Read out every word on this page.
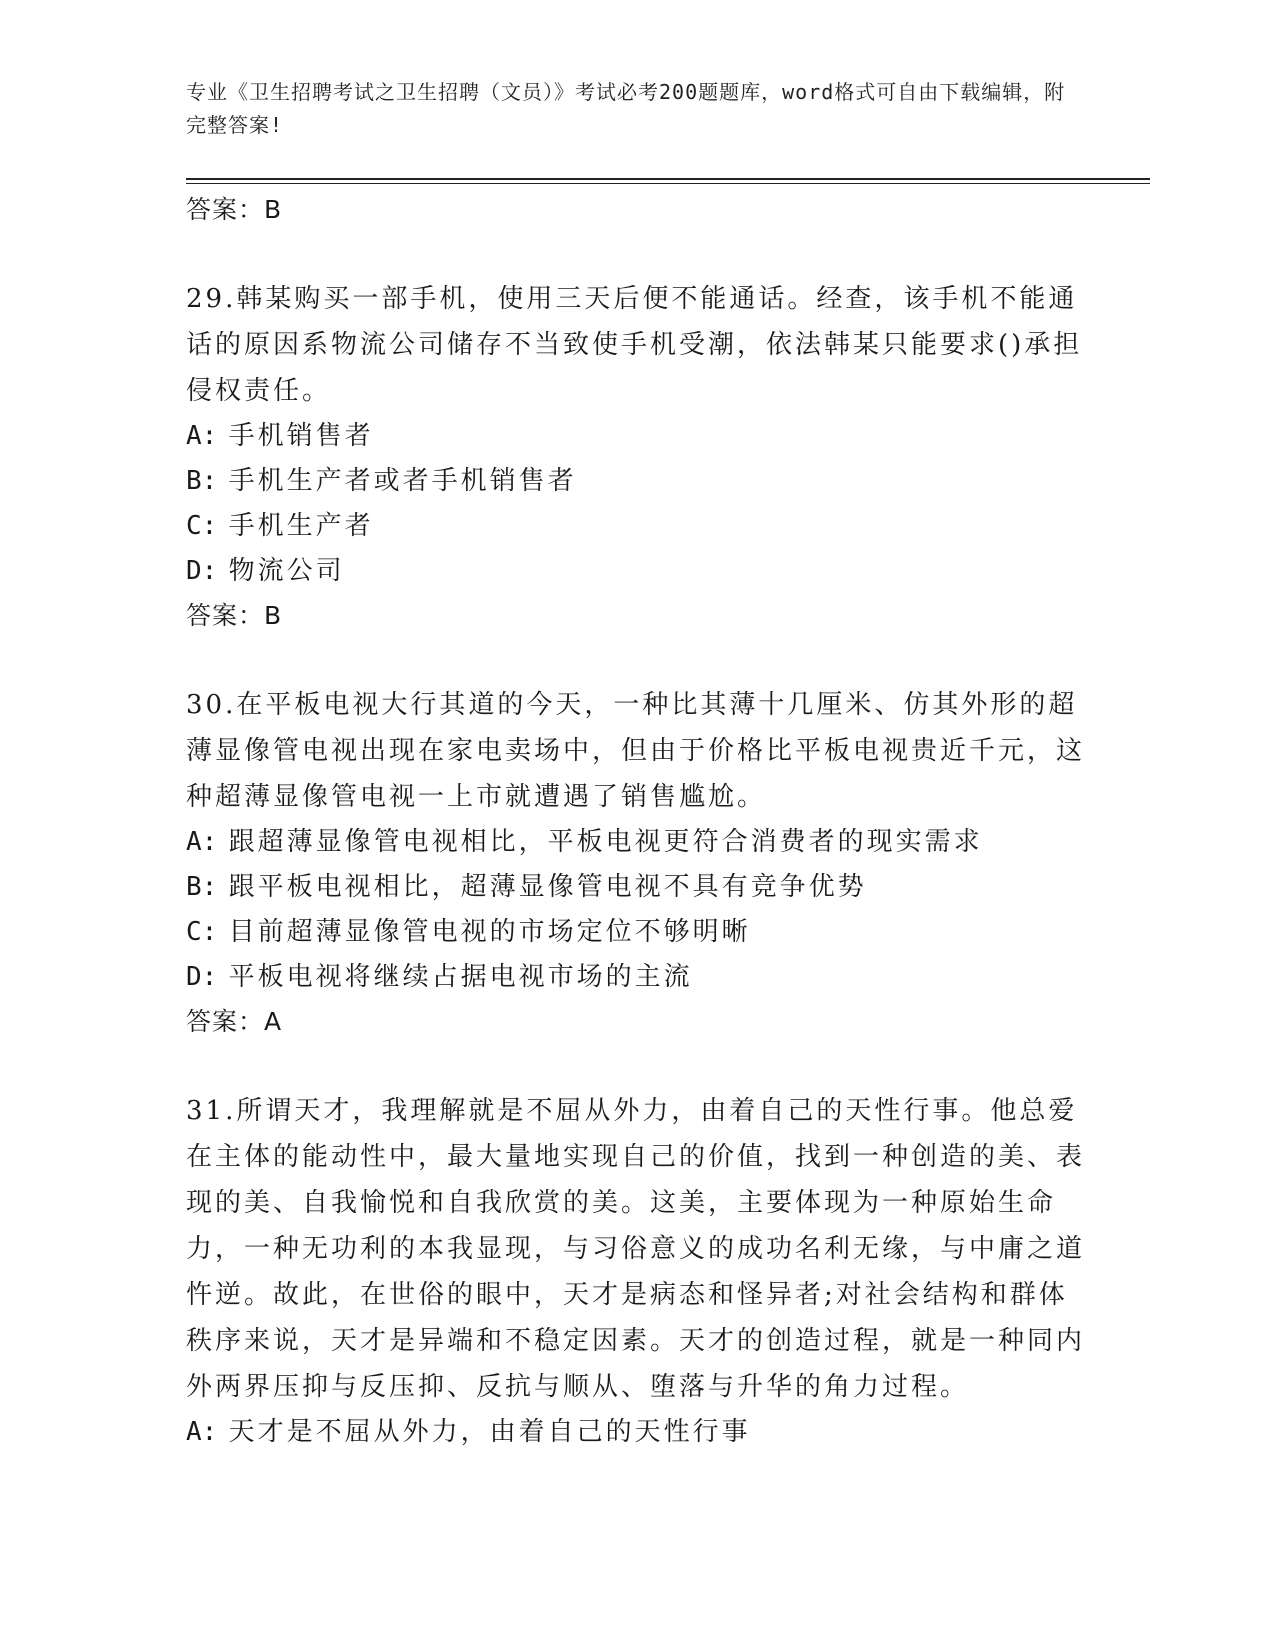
专业《卫生招聘考试之卫生招聘（文员）》考试必考200题题库，word格式可自由下载编辑，附完整答案!
答案：B
29.韩某购买一部手机，使用三天后便不能通话。经查，该手机不能通话的原因系物流公司储存不当致使手机受潮，依法韩某只能要求()承担侵权责任。
A: 手机销售者
B: 手机生产者或者手机销售者
C: 手机生产者
D: 物流公司
答案：B
30.在平板电视大行其道的今天，一种比其薄十几厘米、仿其外形的超薄显像管电视出现在家电卖场中，但由于价格比平板电视贵近千元，这种超薄显像管电视一上市就遭遇了销售尴尬。
A: 跟超薄显像管电视相比，平板电视更符合消费者的现实需求
B: 跟平板电视相比，超薄显像管电视不具有竞争优势
C: 目前超薄显像管电视的市场定位不够明晰
D: 平板电视将继续占据电视市场的主流
答案：A
31.所谓天才，我理解就是不屈从外力，由着自己的天性行事。他总爱在主体的能动性中，最大量地实现自己的价值，找到一种创造的美、表现的美、自我愉悦和自我欣赏的美。这美，主要体现为一种原始生命力，一种无功利的本我显现，与习俗意义的成功名利无缘，与中庸之道忤逆。故此，在世俗的眼中，天才是病态和怪异者;对社会结构和群体秩序来说，天才是异端和不稳定因素。天才的创造过程，就是一种同内外两界压抑与反压抑、反抗与顺从、堕落与升华的角力过程。
A: 天才是不屈从外力，由着自己的天性行事
